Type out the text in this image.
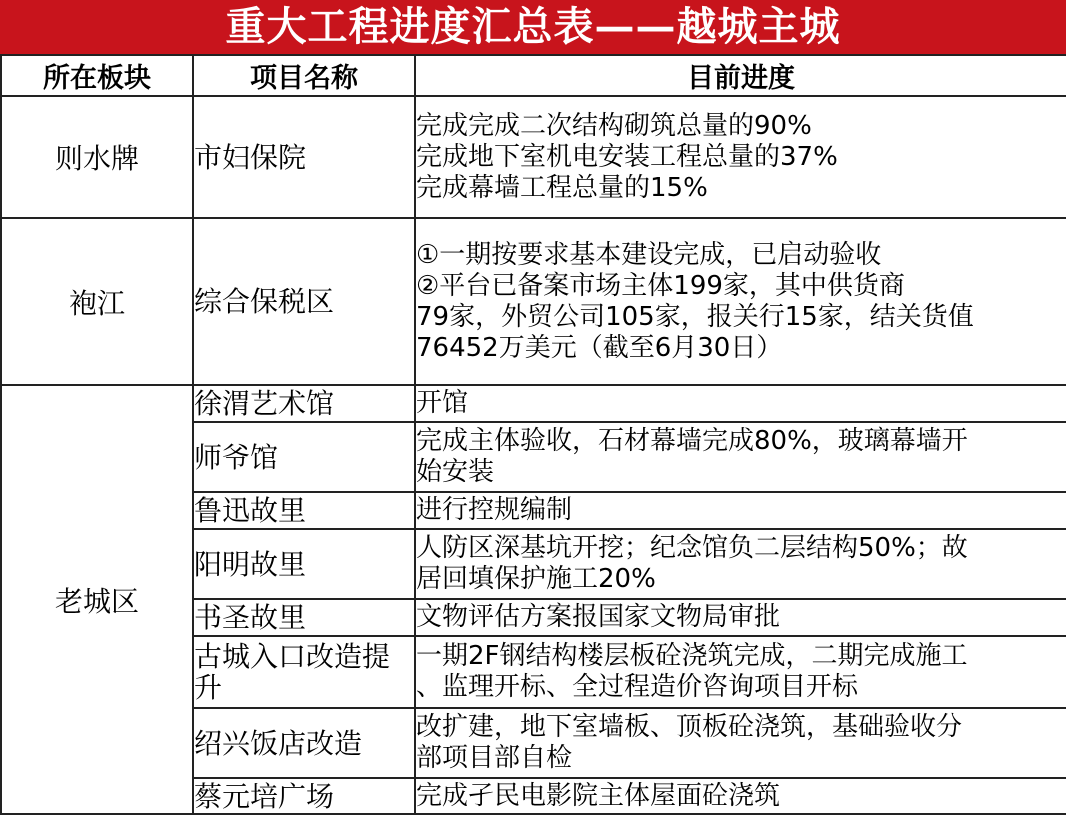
重大工程进度汇总表——越城主城
所在板块	项目名称	目前进度
则水牌	市妇保院	完成完成二次结构砌筑总量的90%
完成地下室机电安装工程总量的37%
完成幕墙工程总量的15%

袍江	综合保税区	①一期按要求基本建设完成，已启动验收
②平台已备案市场主体199家，其中供货商
79家，外贸公司105家，报关行15家，结关货值
76452万美元（截至6月30日）

老城区	徐渭艺术馆	开馆

	师爷馆	完成主体验收，石材幕墙完成80%，玻璃幕墙开
始安装

	鲁迅故里	进行控规编制

	阳明故里	人防区深基坑开挖；纪念馆负二层结构50%；故
居回填保护施工20%

	书圣故里	文物评估方案报国家文物局审批

	古城入口改造提
升	一期2F钢结构楼层板砼浇筑完成，二期完成施工
、监理开标、全过程造价咨询项目开标

	绍兴饭店改造	改扩建，地下室墙板、顶板砼浇筑，基础验收分
部项目部自检

	蔡元培广场	完成孑民电影院主体屋面砼浇筑
